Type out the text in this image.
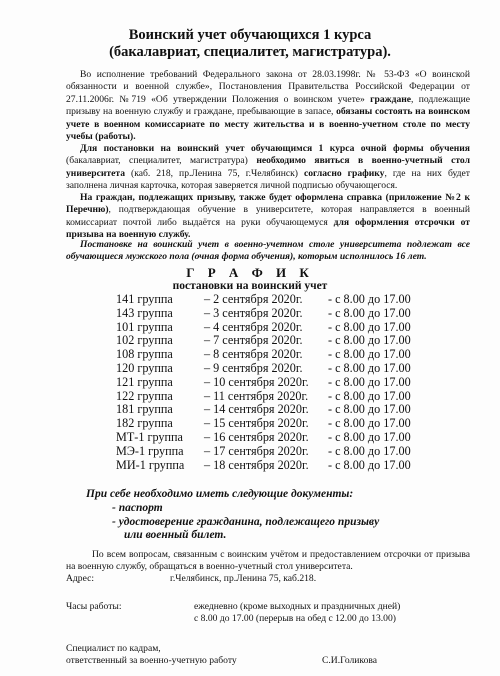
Воинский учет обучающихся 1 курса
(бакалавриат, специалитет, магистратура).
Во исполнение требований Федерального закона от 28.03.1998г. № 53-ФЗ «О воинской обязанности и военной службе», Постановления Правительства Российской Федерации от 27.11.2006г. №719 «Об утверждении Положения о воинском учете» граждане, подлежащие призыву на военную службу и граждане, пребывающие в запасе, обязаны состоять на воинском учете в военном комиссариате по месту жительства и в военно-учетном столе по месту учебы (работы).
Для постановки на воинский учет обучающимся 1 курса очной формы обучения (бакалавриат, специалитет, магистратура) необходимо явиться в военно-учетный стол университета (каб. 218, пр.Ленина 75, г.Челябинск) согласно графику, где на них будет заполнена личная карточка, которая заверяется личной подписью обучающегося.
На граждан, подлежащих призыву, также будет оформлена справка (приложение №2 к Перечню), подтверждающая обучение в университете, которая направляется в военный комиссариат почтой либо выдаётся на руки обучающемуся для оформления отсрочки от призыва на военную службу.
Постановке на воинский учет в военно-учетном столе университета подлежат все обучающиеся мужского пола (очная форма обучения), которым исполнилось 16 лет.
Г Р А Ф И К
постановки на воинский учет
141 группа	– 2 сентября 2020г. - с 8.00 до 17.00
143 группа	– 3 сентября 2020г. - с 8.00 до 17.00
101 группа	– 4 сентября 2020г. - с 8.00 до 17.00
102 группа	– 7 сентября 2020г. - с 8.00 до 17.00
108 группа	– 8 сентября 2020г. - с 8.00 до 17.00
120 группа	– 9 сентября 2020г. - с 8.00 до 17.00
121 группа	– 10 сентября 2020г. - с 8.00 до 17.00
122 группа	– 11 сентября 2020г. - с 8.00 до 17.00
181 группа	– 14 сентября 2020г. - с 8.00 до 17.00
182 группа	– 15 сентября 2020г. - с 8.00 до 17.00
МТ-1 группа – 16 сентября 2020г. - с 8.00 до 17.00
МЭ-1 группа – 17 сентября 2020г. - с 8.00 до 17.00
МИ-1 группа – 18 сентября 2020г. - с 8.00 до 17.00
При себе необходимо иметь следующие документы:
- паспорт
- удостоверение гражданина, подлежащего призыву
или военный билет.
По всем вопросам, связанным с воинским учётом и предоставлением отсрочки от призыва на военную службу, обращаться в военно-учетный стол университета.
Адрес:	г.Челябинск, пр.Ленина 75, каб.218.
Часы работы:	ежедневно (кроме выходных и праздничных дней)
с 8.00 до 17.00 (перерыв на обед с 12.00 до 13.00)
Специалист по кадрам,
ответственный за военно-учетную работу	С.И.Голикова
